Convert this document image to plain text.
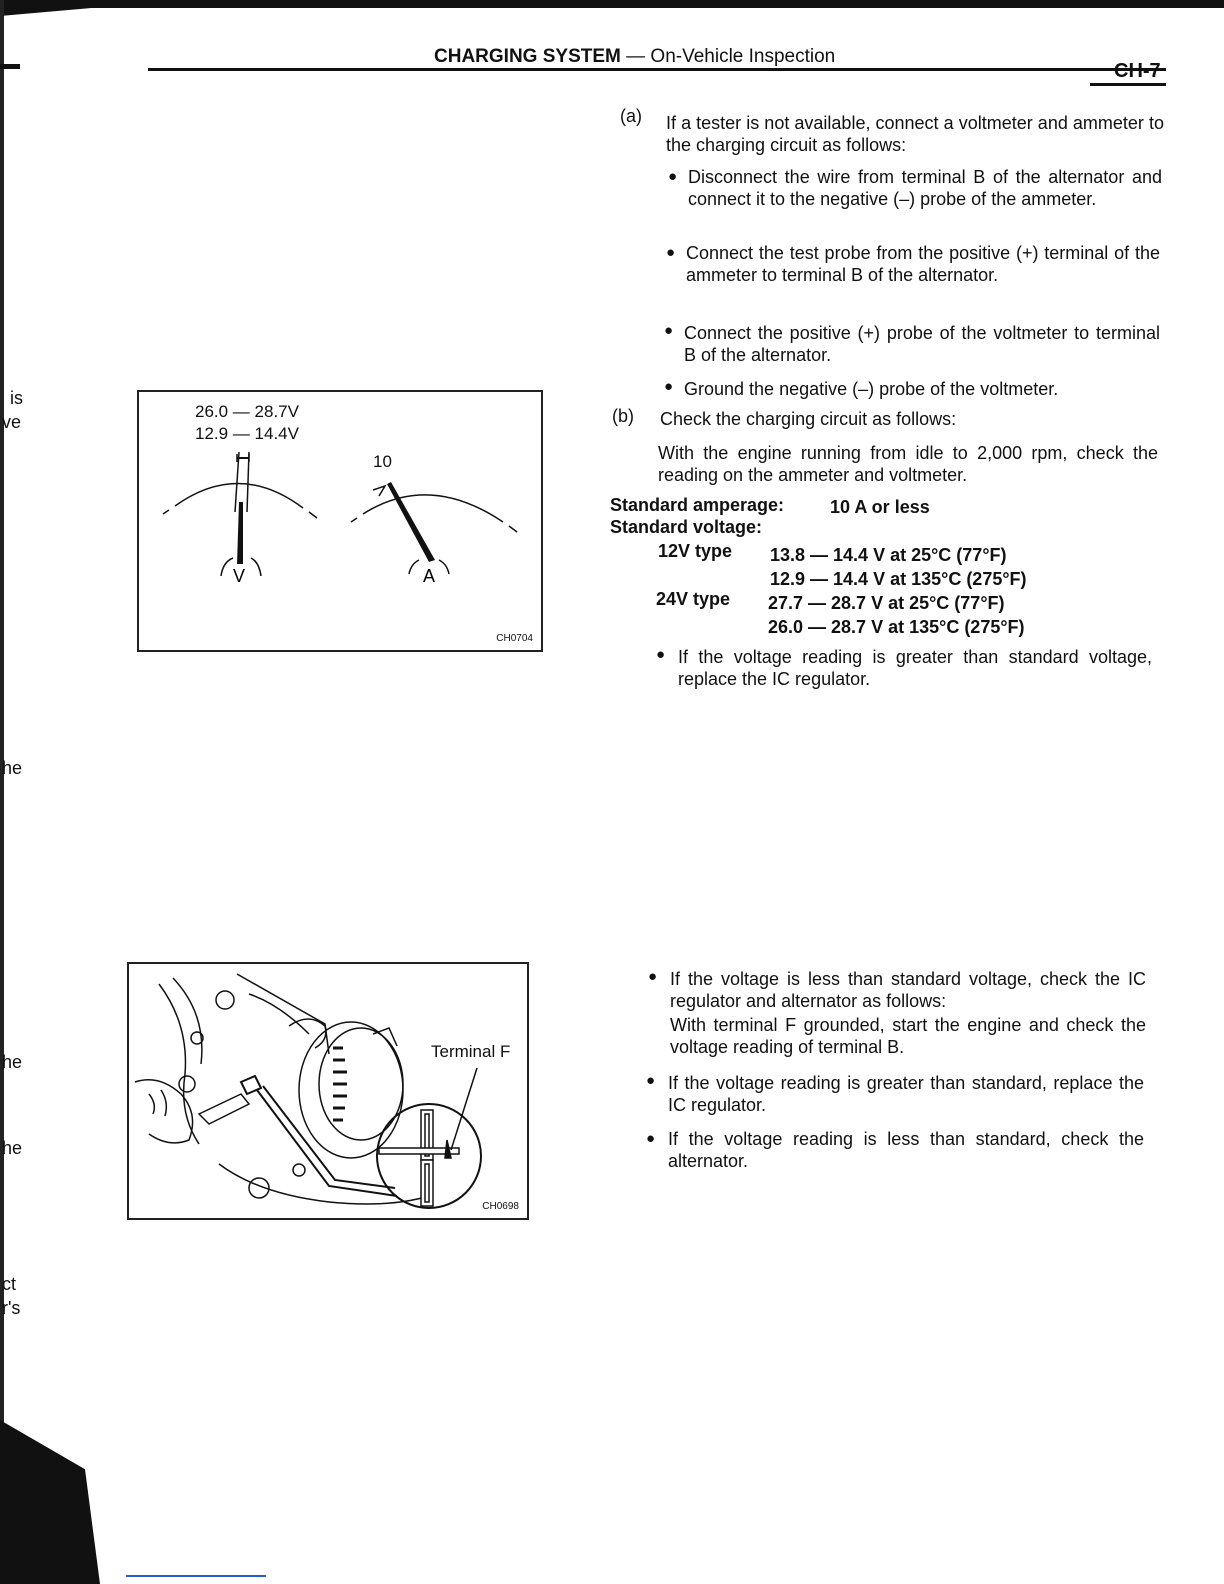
is
ve
he
he
he
ct
r's
CHARGING SYSTEM — On-Vehicle Inspection
CH-7
(a) If a tester is not available, connect a voltmeter and ammeter to the charging circuit as follows:
● Disconnect the wire from terminal B of the alternator and connect it to the negative (–) probe of the ammeter.
● Connect the test probe from the positive (+) terminal of the ammeter to terminal B of the alternator.
● Connect the positive (+) probe of the voltmeter to terminal B of the alternator.
● Ground the negative (–) probe of the voltmeter.
(b) Check the charging circuit as follows:
With the engine running from idle to 2,000 rpm, check the reading on the ammeter and voltmeter.
Standard amperage:	10 A or less
Standard voltage:
12V type 13.8 — 14.4 V at 25°C (77°F)
12.9 — 14.4 V at 135°C (275°F)
24V type 27.7 — 28.7 V at 25°C (77°F)
26.0 — 28.7 V at 135°C (275°F)
● If the voltage reading is greater than standard voltage, replace the IC regulator.
26.0 — 28.7V
12.9 — 14.4V
10
V	A
CH0704
Terminal F
CH0698
● If the voltage is less than standard voltage, check the IC regulator and alternator as follows:
With terminal F grounded, start the engine and check the voltage reading of terminal B.
● If the voltage reading is greater than standard, replace the IC regulator.
● If the voltage reading is less than standard, check the alternator.
